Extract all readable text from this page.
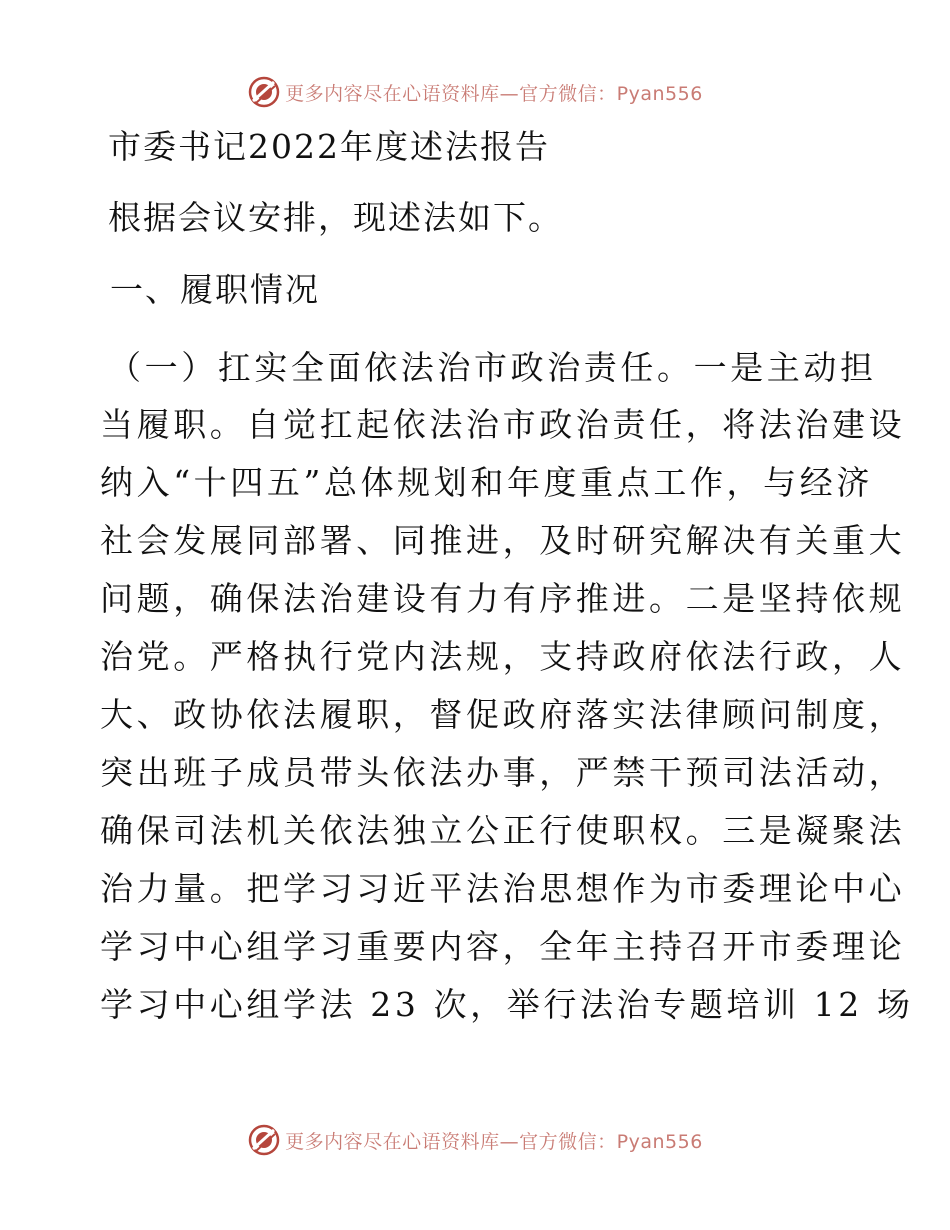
更多内容尽在心语资料库—官方微信：Pyan556

市委书记2022年度述法报告

根据会议安排，现述法如下。

一、履职情况

（一）扛实全面依法治市政治责任。一是主动担

当履职。自觉扛起依法治市政治责任，将法治建设

纳入“十四五”总体规划和年度重点工作，与经济

社会发展同部署、同推进，及时研究解决有关重大

问题，确保法治建设有力有序推进。二是坚持依规

治党。严格执行党内法规，支持政府依法行政，人

大、政协依法履职，督促政府落实法律顾问制度，

突出班子成员带头依法办事，严禁干预司法活动，

确保司法机关依法独立公正行使职权。三是凝聚法

治力量。把学习习近平法治思想作为市委理论中心

学习中心组学习重要内容，全年主持召开市委理论

学习中心组学法 23 次，举行法治专题培训 12 场

更多内容尽在心语资料库—官方微信：Pyan556
